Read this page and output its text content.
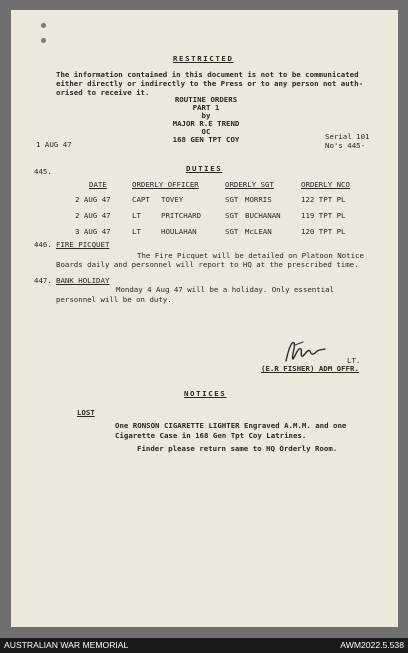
RESTRICTED
The information contained in this document is not to be communicated
either directly or indirectly to the Press or to any person not auth-
orised to receive it.
ROUTINE ORDERS
PART 1
by
MAJOR R.E TREND
OC
168 GEN TPT COY
1 AUG 47
Serial 101
No's 445-
DUTIES
445.
DATE	ORDERLY OFFICER	ORDERLY SGT	ORDERLY NCO
2 AUG 47	CAPT TOVEY	SGT MORRIS	122 TPT PL
2 AUG 47	LT	PRITCHARD	SGT BUCHANAN	119 TPT PL
3 AUG 47	LT	HOULAHAN	SGT McLEAN	120 TPT PL
446. FIRE PICQUET
The Fire Picquet will be detailed on Platoon Notice
Boards daily and personnel will report to HQ at the prescribed time.
447. BANK HOLIDAY
Monday 4 Aug 47 will be a holiday. Only essential
personnel will be on duty.
LT.
(E.R FISHER) ADM OFFR.
NOTICES
LOST
One RONSON CIGARETTE LIGHTER Engraved A.M.M. and one
Cigarette Case in 168 Gen Tpt Coy Latrines.
Finder please return same to HQ Orderly Room.
AUSTRALIAN WAR MEMORIAL	AWM2022.5.538
